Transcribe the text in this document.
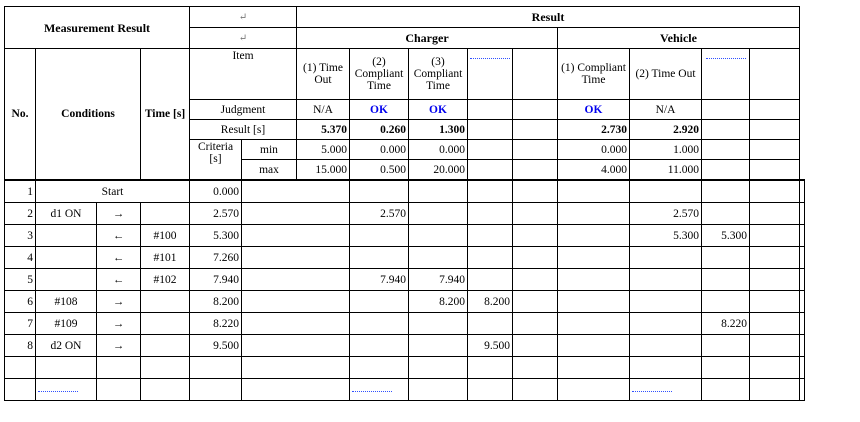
Measurement Result				↵		Result									
				↵		Charger					Vehicle				
No.	Conditions		Time [s]	Item		(1) Time Out	(2) Compliant Time	(3) Compliant Time			(1) Compliant Time	(2) Time Out			
				Judgment		N/A	OK	OK			OK	N/A			
				Result [s]		5.370	0.260	1.300			2.730	2.920			
				Criteria [s]	min	5.000	0.000	0.000			0.000	1.000			
					max	15.000	0.500	20.000			4.000	11.000			
1	Start			0.000											
2	d1 ON	→		2.570			2.570					2.570			
3		←	#100	5.300								5.300	5.300		
4		←	#101	7.260											
5		←	#102	7.940			7.940	7.940							
6	#108	→		8.200				8.200	8.200						
7	#109	→		8.220									8.220		
8	d2 ON	→		9.500					9.500						
